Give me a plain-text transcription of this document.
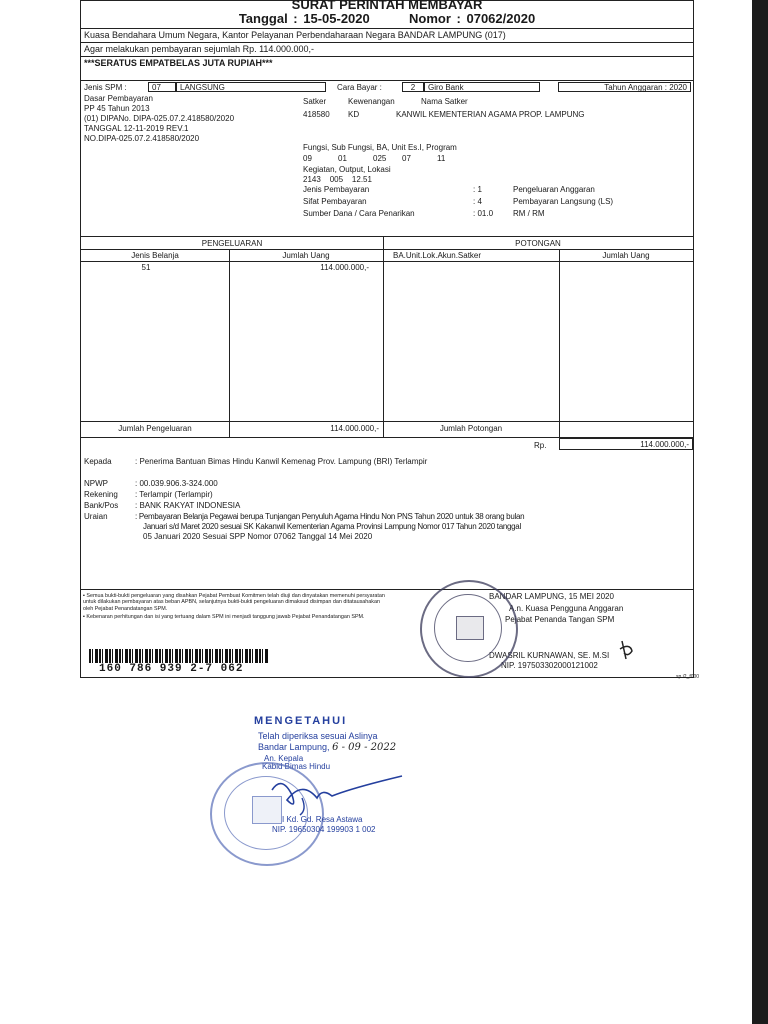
SURAT PERINTAH MEMBAYAR
Tanggal : 15-05-2020	Nomor : 07062/2020
Kuasa Bendahara Umum Negara, Kantor Pelayanan Perbendaharaan Negara BANDAR LAMPUNG (017)
Agar melakukan pembayaran sejumlah Rp. 114.000.000,-
***SERATUS EMPATBELAS JUTA RUPIAH***
Jenis SPM :	07	LANGSUNG	Cara Bayar :	2	Giro Bank	Tahun Anggaran : 2020
Dasar Pembayaran
PP 45 Tahun 2013
(01) DIPANo. DIPA-025.07.2.418580/2020
TANGGAL 12-11-2019 REV.1
NO.DIPA-025.07.2.418580/2020
Satker	Kewenangan	Nama Satker
418580 KD	KANWIL KEMENTERIAN AGAMA PROP. LAMPUNG
Fungsi, Sub Fungsi, BA, Unit Es.I, Program
09     01     025   07     11
Kegiatan, Output, Lokasi
2143    005    12.51
Jenis Pembayaran	: 1	Pengeluaran Anggaran
Sifat Pembayaran	: 4	Pembayaran Langsung (LS)
Sumber Dana / Cara Penarikan	: 01.0 RM / RM
PENGELUARAN	POTONGAN
Jenis Belanja	Jumlah Uang	BA.Unit.Lok.Akun.Satker	Jumlah Uang
51	114.000.000,-
Jumlah Pengeluaran	114.000.000,-	Jumlah Potongan
Rp.	114.000.000,-
Kepada	: Penerima Bantuan Bimas Hindu Kanwil Kemenag Prov. Lampung (BRI) Terlampir
NPWP	: 00.039.906.3-324.000
Rekening : Terlampir (Terlampir)
Bank/Pos : BANK RAKYAT INDONESIA
Uraian	: Pembayaran Belanja Pegawai berupa Tunjangan Penyuluh Agama Hindu Non PNS Tahun 2020 untuk 38 orang bulan
Januari s/d Maret 2020 sesuai SK Kakanwil Kementerian Agama Provinsi Lampung Nomor 017 Tahun 2020 tanggal
05 Januari 2020 Sesuai SPP Nomor 07062 Tanggal 14 Mei 2020
▪ Semua bukti-bukti pengeluaran yang disahkan Pejabat Pembuat Komitmen telah diuji dan dinyatakan memenuhi persyaratan untuk dilakukan pembayaran atas beban APBN, selanjutnya bukti-bukti pengeluaran dimaksud disimpan dan ditatausahakan oleh Pejabat Penandatangan SPM.
▪ Kebenaran perhitungan dan isi yang tertuang dalam SPM ini menjadi tanggung jawab Pejabat Penandatangan SPM.
160 786 939 2-7 062
BANDAR LAMPUNG, 15 MEI 2020
A.n. Kuasa Pengguna Anggaran
Pejabat Penanda Tangan SPM
DWASRIL KURNAWAN, SE. M.SI
NIP. 197503302000121002
sp.i2_f000
MENGETAHUI
Telah diperiksa sesuai Aslinya
Bandar Lampung, 6 - 09 - 2022
An. Kepala
Kabid Bimas Hindu
I Kd. Gd. Resa Astawa
NIP. 19650304 199903 1 002
